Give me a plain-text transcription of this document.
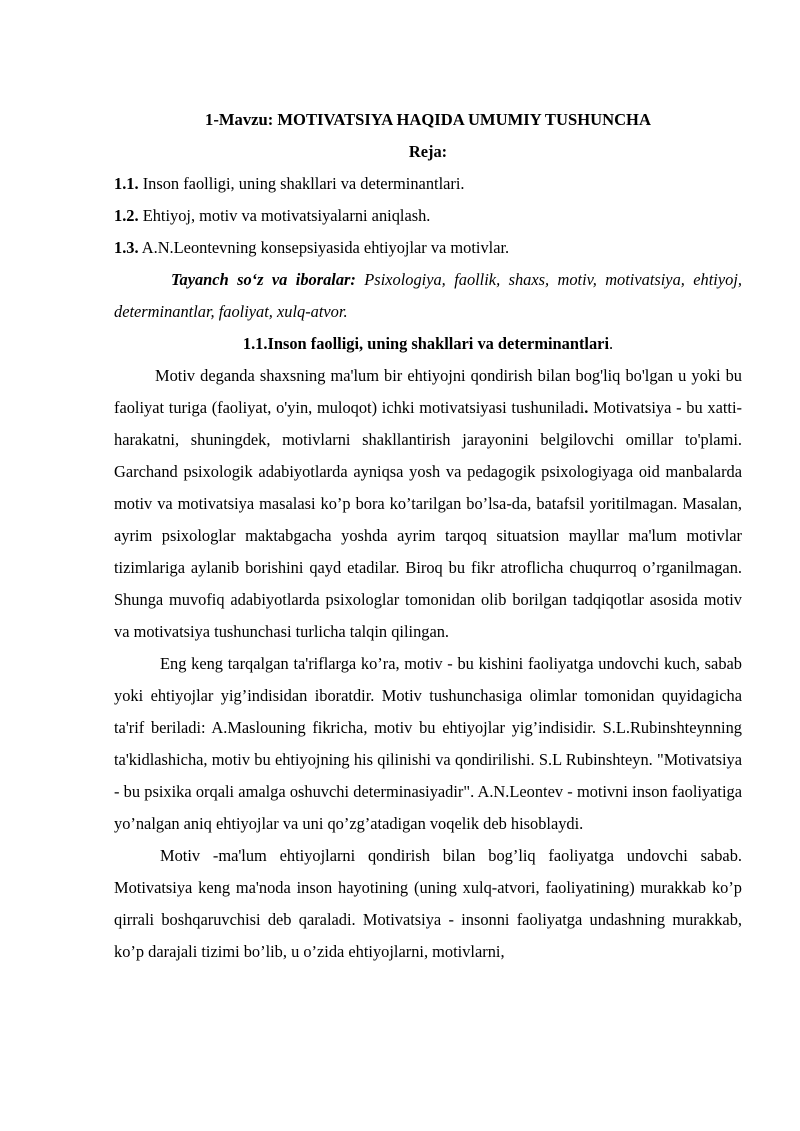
1-Mavzu: MOTIVATSIYA HAQIDA UMUMIY TUSHUNCHA
Reja:
1.1. Inson faolligi, uning shakllari va determinantlari.
1.2. Ehtiyoj, motiv va motivatsiyalarni aniqlash.
1.3. A.N.Leontevning konsepsiyasida ehtiyojlar va motivlar.
Tayanch so‘z va iboralar: Psixologiya, faollik, shaxs, motiv, motivatsiya, ehtiyoj, determinantlar, faoliyat, xulq-atvor.
1.1.Inson faolligi, uning shakllari va determinantlari.

Motiv deganda shaxsning ma'lum bir ehtiyojni qondirish bilan bog'liq bo'lgan u yoki bu faoliyat turiga (faoliyat, o'yin, muloqot) ichki motivatsiyasi tushuniladi. Motivatsiya - bu xatti-harakatni, shuningdek, motivlarni shakllantirish jarayonini belgilovchi omillar to'plami. Garchand psixologik adabiyotlarda ayniqsa yosh va pedagogik psixologiyaga oid manbalarda motiv va motivatsiya masalasi ko’p bora ko’tarilgan bo’lsa-da, batafsil yoritilmagan. Masalan, ayrim psixologlar maktabgacha yoshda ayrim tarqoq situatsion mayllar ma'lum motivlar tizimlariga aylanib borishini qayd etadilar. Biroq bu fikr atroflicha chuqurroq o’rganilmagan. Shunga muvofiq adabiyotlarda psixologlar tomonidan olib borilgan tadqiqotlar asosida motiv va motivatsiya tushunchasi turlicha talqin qilingan.

Eng keng tarqalgan ta'riflarga ko’ra, motiv - bu kishini faoliyatga undovchi kuch, sabab yoki ehtiyojlar yig’indisidan iboratdir. Motiv tushunchasiga olimlar tomonidan quyidagicha ta'rif beriladi: A.Maslouning fikricha, motiv bu ehtiyojlar yig’indisidir. S.L.Rubinshteynning ta'kidlashicha, motiv bu ehtiyojning his qilinishi va qondirilishi. S.L Rubinshteyn. "Motivatsiya - bu psixika orqali amalga oshuvchi determinasiyadir". A.N.Leontev - motivni inson faoliyatiga yo’nalgan aniq ehtiyojlar va uni qo’zg’atadigan voqelik deb hisoblaydi.

Motiv -ma'lum ehtiyojlarni qondirish bilan bog’liq faoliyatga undovchi sabab. Motivatsiya keng ma'noda inson hayotining (uning xulq-atvori, faoliyatining) murakkab ko’p qirrali boshqaruvchisi deb qaraladi. Motivatsiya - insonni faoliyatga undashning murakkab, ko’p darajali tizimi bo’lib, u o’zida ehtiyojlarni, motivlarni,
